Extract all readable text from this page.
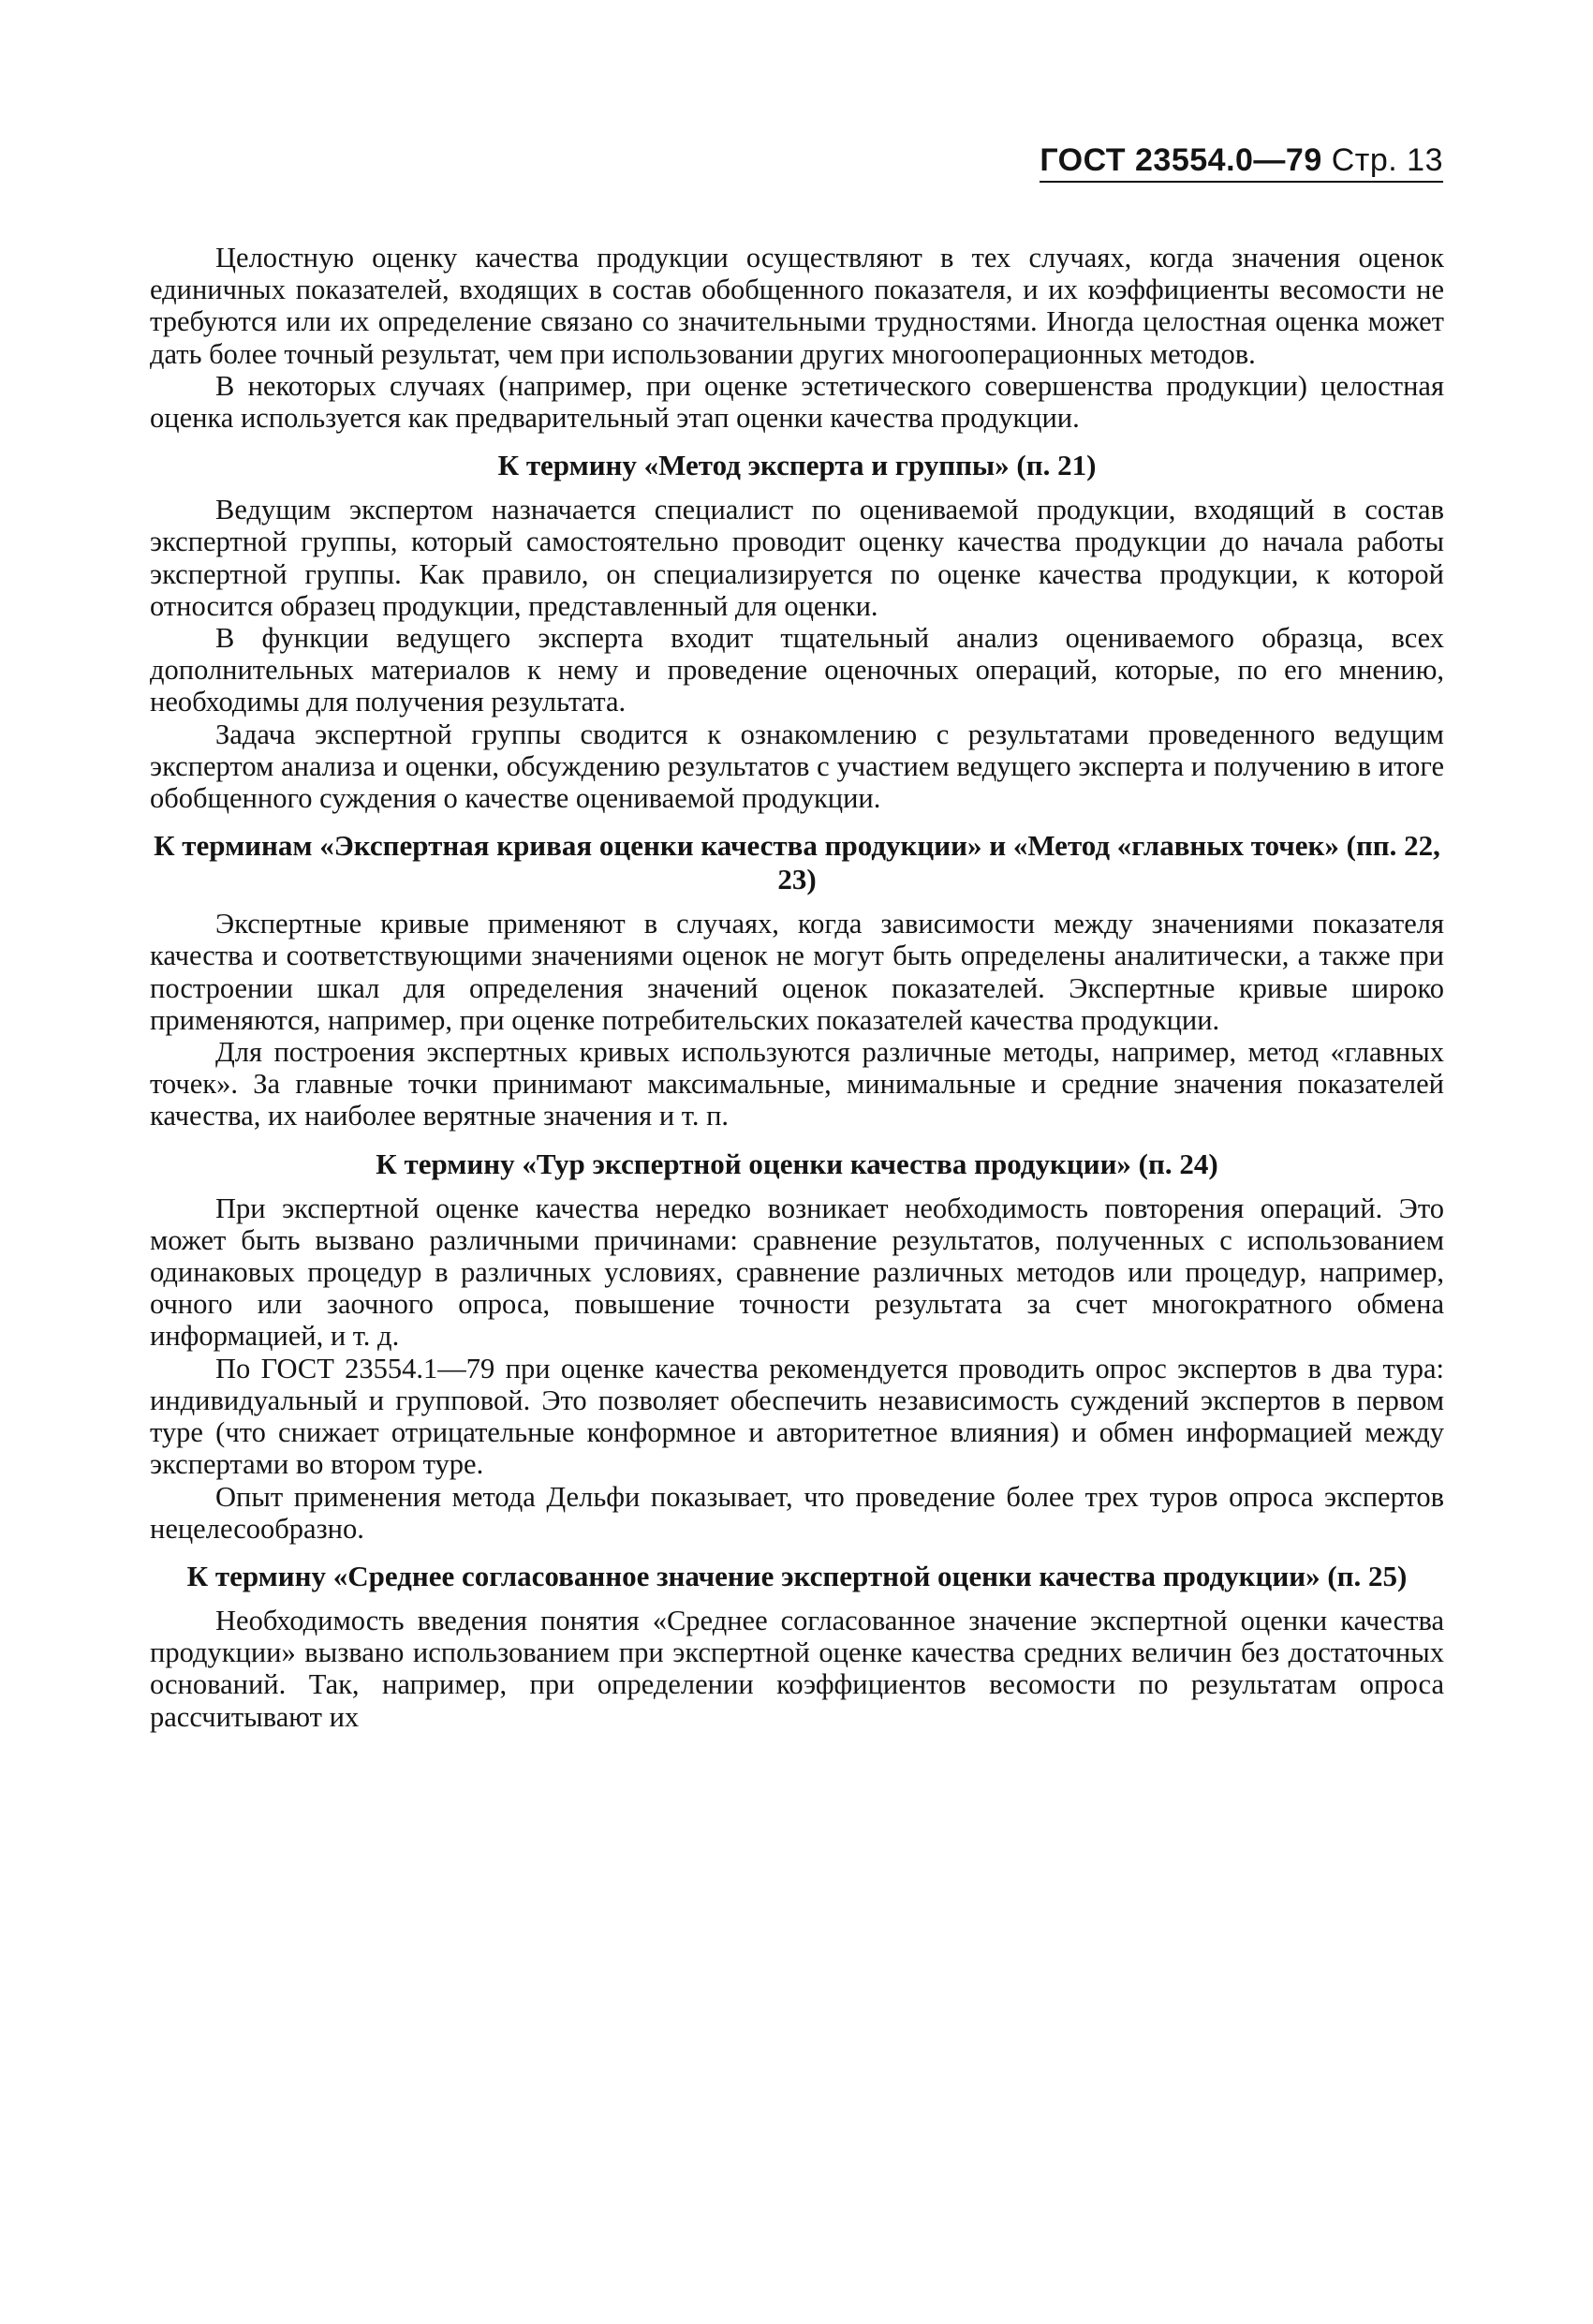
ГОСТ 23554.0—79 Стр. 13

Целостную оценку качества продукции осуществляют в тех случаях, когда значения оценок единичных показателей, входящих в состав обобщенного показателя, и их коэффициенты весомости не требуются или их определение связано со значительными трудностями. Иногда целостная оценка может дать более точный результат, чем при использовании других многооперационных методов.

В некоторых случаях (например, при оценке эстетического совершенства продукции) целостная оценка используется как предварительный этап оценки качества продукции.

К термину «Метод эксперта и группы» (п. 21)

Ведущим экспертом назначается специалист по оцениваемой продукции, входящий в состав экспертной группы, который самостоятельно проводит оценку качества продукции до начала работы экспертной группы. Как правило, он специализируется по оценке качества продукции, к которой относится образец продукции, представленный для оценки.

В функции ведущего эксперта входит тщательный анализ оцениваемого образца, всех дополнительных материалов к нему и проведение оценочных операций, которые, по его мнению, необходимы для получения результата.

Задача экспертной группы сводится к ознакомлению с результатами проведенного ведущим экспертом анализа и оценки, обсуждению результатов с участием ведущего эксперта и получению в итоге обобщенного суждения о качестве оцениваемой продукции.

К терминам «Экспертная кривая оценки качества продукции» и «Метод «главных точек» (пп. 22, 23)

Экспертные кривые применяют в случаях, когда зависимости между значениями показателя качества и соответствующими значениями оценок не могут быть определены аналитически, а также при построении шкал для определения значений оценок показателей. Экспертные кривые широко применяются, например, при оценке потребительских показателей качества продукции.

Для построения экспертных кривых используются различные методы, например, метод «главных точек». За главные точки принимают максимальные, минимальные и средние значения показателей качества, их наиболее верятные значения и т. п.

К термину «Тур экспертной оценки качества продукции» (п. 24)

При экспертной оценке качества нередко возникает необходимость повторения операций. Это может быть вызвано различными причинами: сравнение результатов, полученных с использованием одинаковых процедур в различных условиях, сравнение различных методов или процедур, например, очного или заочного опроса, повышение точности результата за счет многократного обмена информацией, и т. д.

По ГОСТ 23554.1—79 при оценке качества рекомендуется проводить опрос экспертов в два тура: индивидуальный и групповой. Это позволяет обеспечить независимость суждений экспертов в первом туре (что снижает отрицательные конформное и авторитетное влияния) и обмен информацией между экспертами во втором туре.

Опыт применения метода Дельфи показывает, что проведение более трех туров опроса экспертов нецелесообразно.

К термину «Среднее согласованное значение экспертной оценки качества продукции» (п. 25)

Необходимость введения понятия «Среднее согласованное значение экспертной оценки качества продукции» вызвано использованием при экспертной оценке качества средних величин без достаточных оснований. Так, например, при определении коэффициентов весомости по результатам опроса рассчитывают их
